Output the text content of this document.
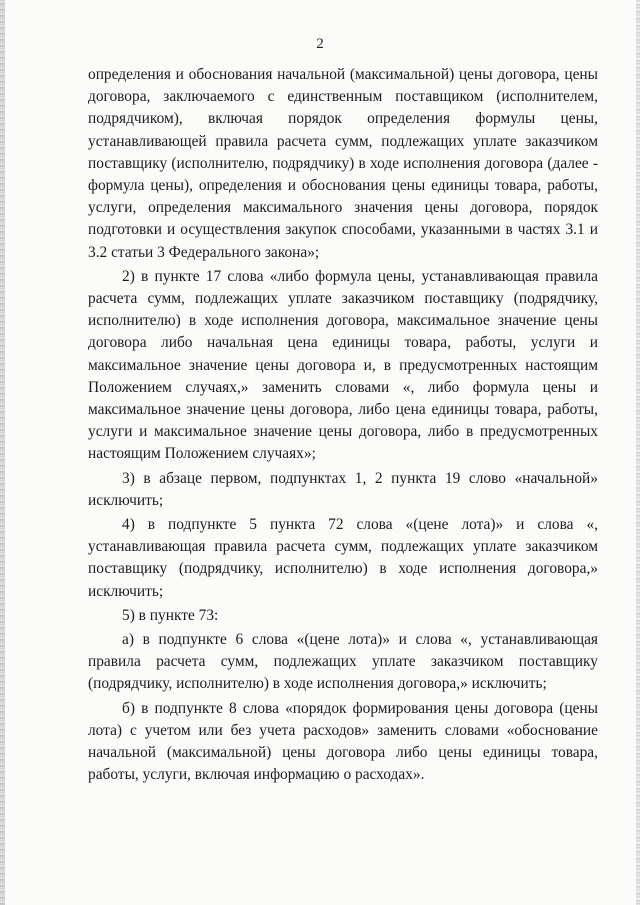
2

определения и обоснования начальной (максимальной) цены договора, цены договора, заключаемого с единственным поставщиком (исполнителем, подрядчиком), включая порядок определения формулы цены, устанавливающей правила расчета сумм, подлежащих уплате заказчиком поставщику (исполнителю, подрядчику) в ходе исполнения договора (далее - формула цены), определения и обоснования цены единицы товара, работы, услуги, определения максимального значения цены договора, порядок подготовки и осуществления закупок способами, указанными в частях 3.1 и 3.2 статьи 3 Федерального закона»;

2) в пункте 17 слова «либо формула цены, устанавливающая правила расчета сумм, подлежащих уплате заказчиком поставщику (подрядчику, исполнителю) в ходе исполнения договора, максимальное значение цены договора либо начальная цена единицы товара, работы, услуги и максимальное значение цены договора и, в предусмотренных настоящим Положением случаях,» заменить словами «, либо формула цены и максимальное значение цены договора, либо цена единицы товара, работы, услуги и максимальное значение цены договора, либо в предусмотренных настоящим Положением случаях»;

3) в абзаце первом, подпунктах 1, 2 пункта 19 слово «начальной» исключить;

4) в подпункте 5 пункта 72 слова «(цене лота)» и слова «, устанавливающая правила расчета сумм, подлежащих уплате заказчиком поставщику (подрядчику, исполнителю) в ходе исполнения договора,» исключить;

5) в пункте 73:

а) в подпункте 6 слова «(цене лота)» и слова «, устанавливающая правила расчета сумм, подлежащих уплате заказчиком поставщику (подрядчику, исполнителю) в ходе исполнения договора,» исключить;

б) в подпункте 8 слова «порядок формирования цены договора (цены лота) с учетом или без учета расходов» заменить словами «обоснование начальной (максимальной) цены договора либо цены единицы товара, работы, услуги, включая информацию о расходах».
